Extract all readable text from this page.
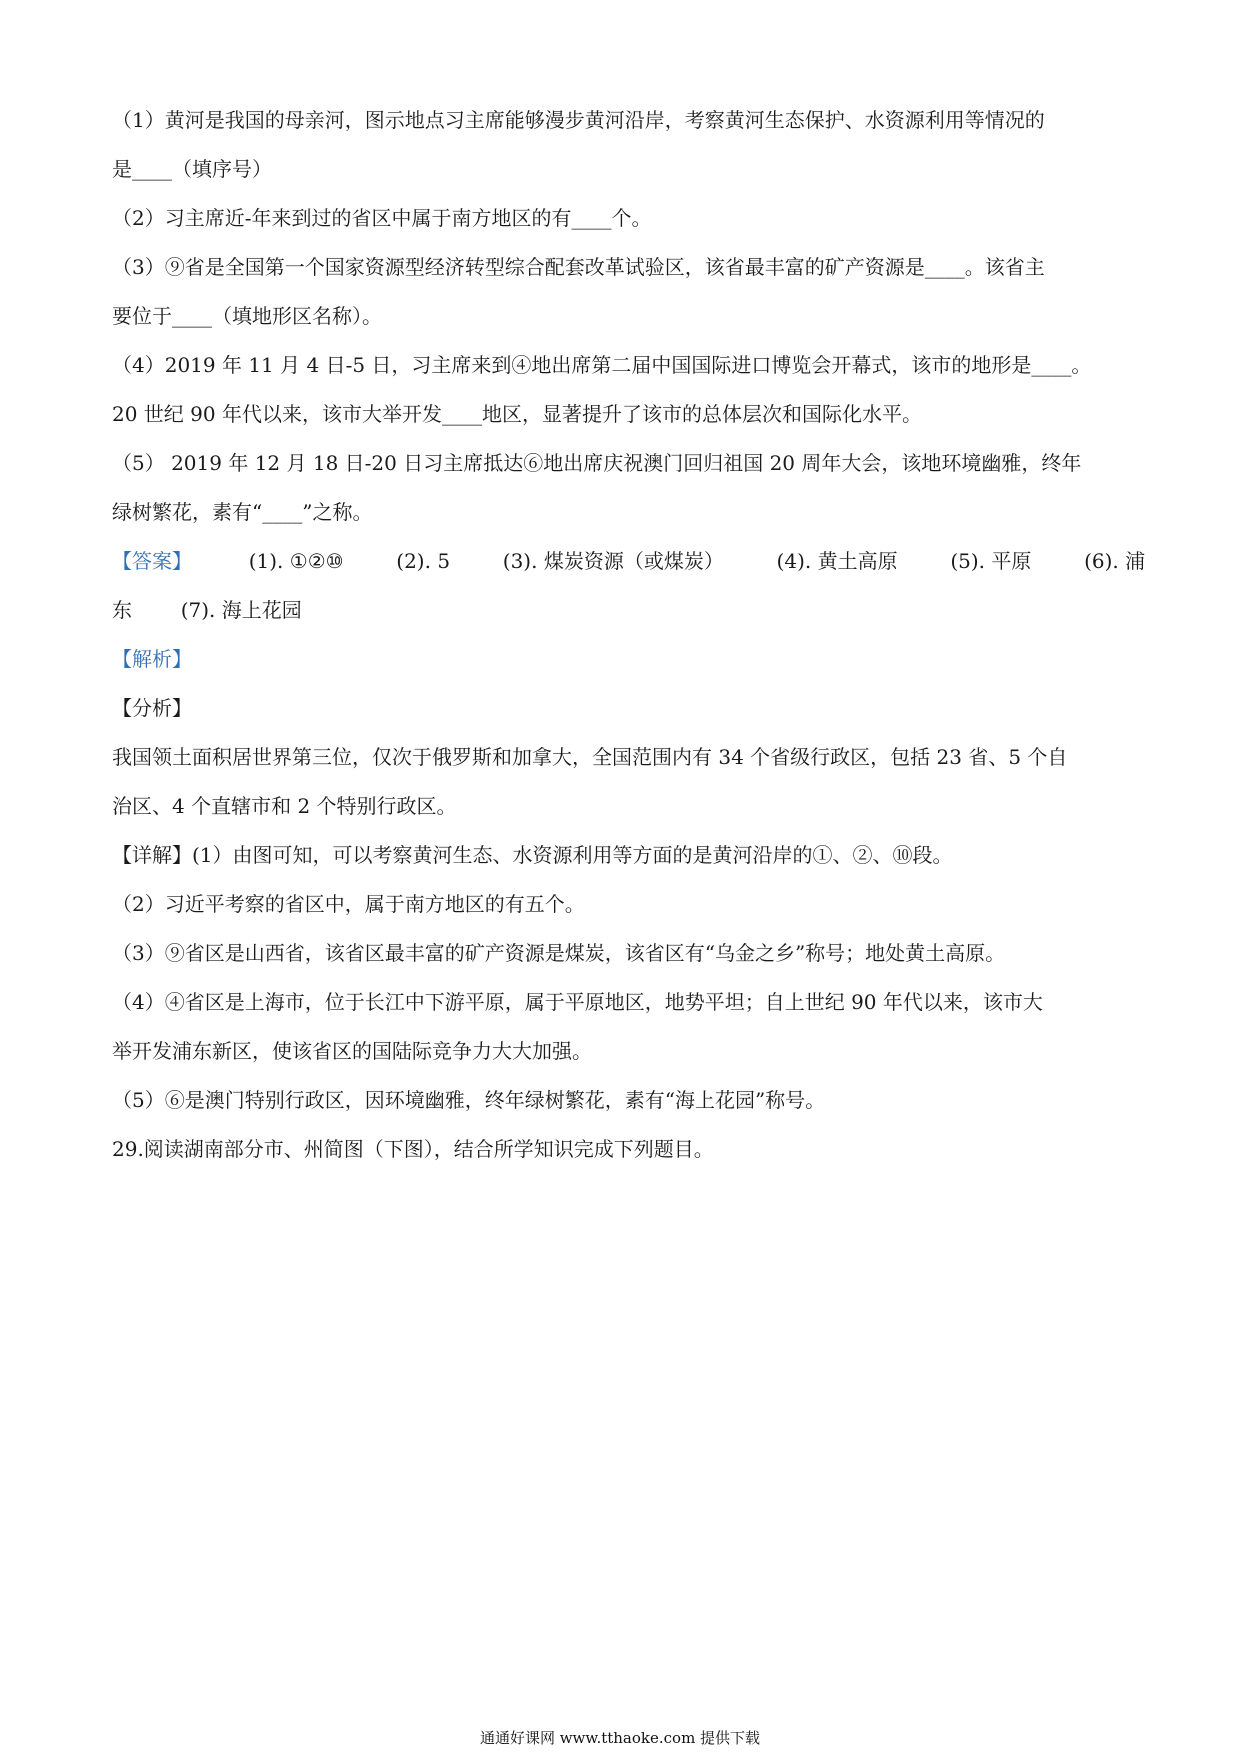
（1）黄河是我国的母亲河，图示地点习主席能够漫步黄河沿岸，考察黄河生态保护、水资源利用等情况的
是____（填序号）
（2）习主席近-年来到过的省区中属于南方地区的有____个。
（3）⑨省是全国第一个国家资源型经济转型综合配套改革试验区，该省最丰富的矿产资源是____。该省主
要位于____（填地形区名称）。
（4）2019 年 11 月 4 日-5 日，习主席来到④地出席第二届中国国际进口博览会开幕式，该市的地形是____。
20 世纪 90 年代以来，该市大举开发____地区，显著提升了该市的总体层次和国际化水平。
（5） 2019 年 12 月 18 日-20 日习主席抵达⑥地出席庆祝澳门回归祖国 20 周年大会，该地环境幽雅，终年
绿树繁花，素有“____”之称。
【答案】	(1). ①②⑩	(2). 5	(3). 煤炭资源（或煤炭）	(4). 黄土高原	(5). 平原	(6). 浦
东 (7). 海上花园
【解析】
【分析】
我国领土面积居世界第三位，仅次于俄罗斯和加拿大，全国范围内有 34 个省级行政区，包括 23 省、5 个自
治区、4 个直辖市和 2 个特别行政区。
【详解】(1）由图可知，可以考察黄河生态、水资源利用等方面的是黄河沿岸的①、②、⑩段。
（2）习近平考察的省区中，属于南方地区的有五个。
（3）⑨省区是山西省，该省区最丰富的矿产资源是煤炭，该省区有“乌金之乡”称号；地处黄土高原。
（4）④省区是上海市，位于长江中下游平原，属于平原地区，地势平坦；自上世纪 90 年代以来，该市大
举开发浦东新区，使该省区的国陆际竞争力大大加强。
（5）⑥是澳门特别行政区，因环境幽雅，终年绿树繁花，素有“海上花园”称号。
29.阅读湖南部分市、州简图（下图），结合所学知识完成下列题目。
通通好课网 www.tthaoke.com 提供下载
